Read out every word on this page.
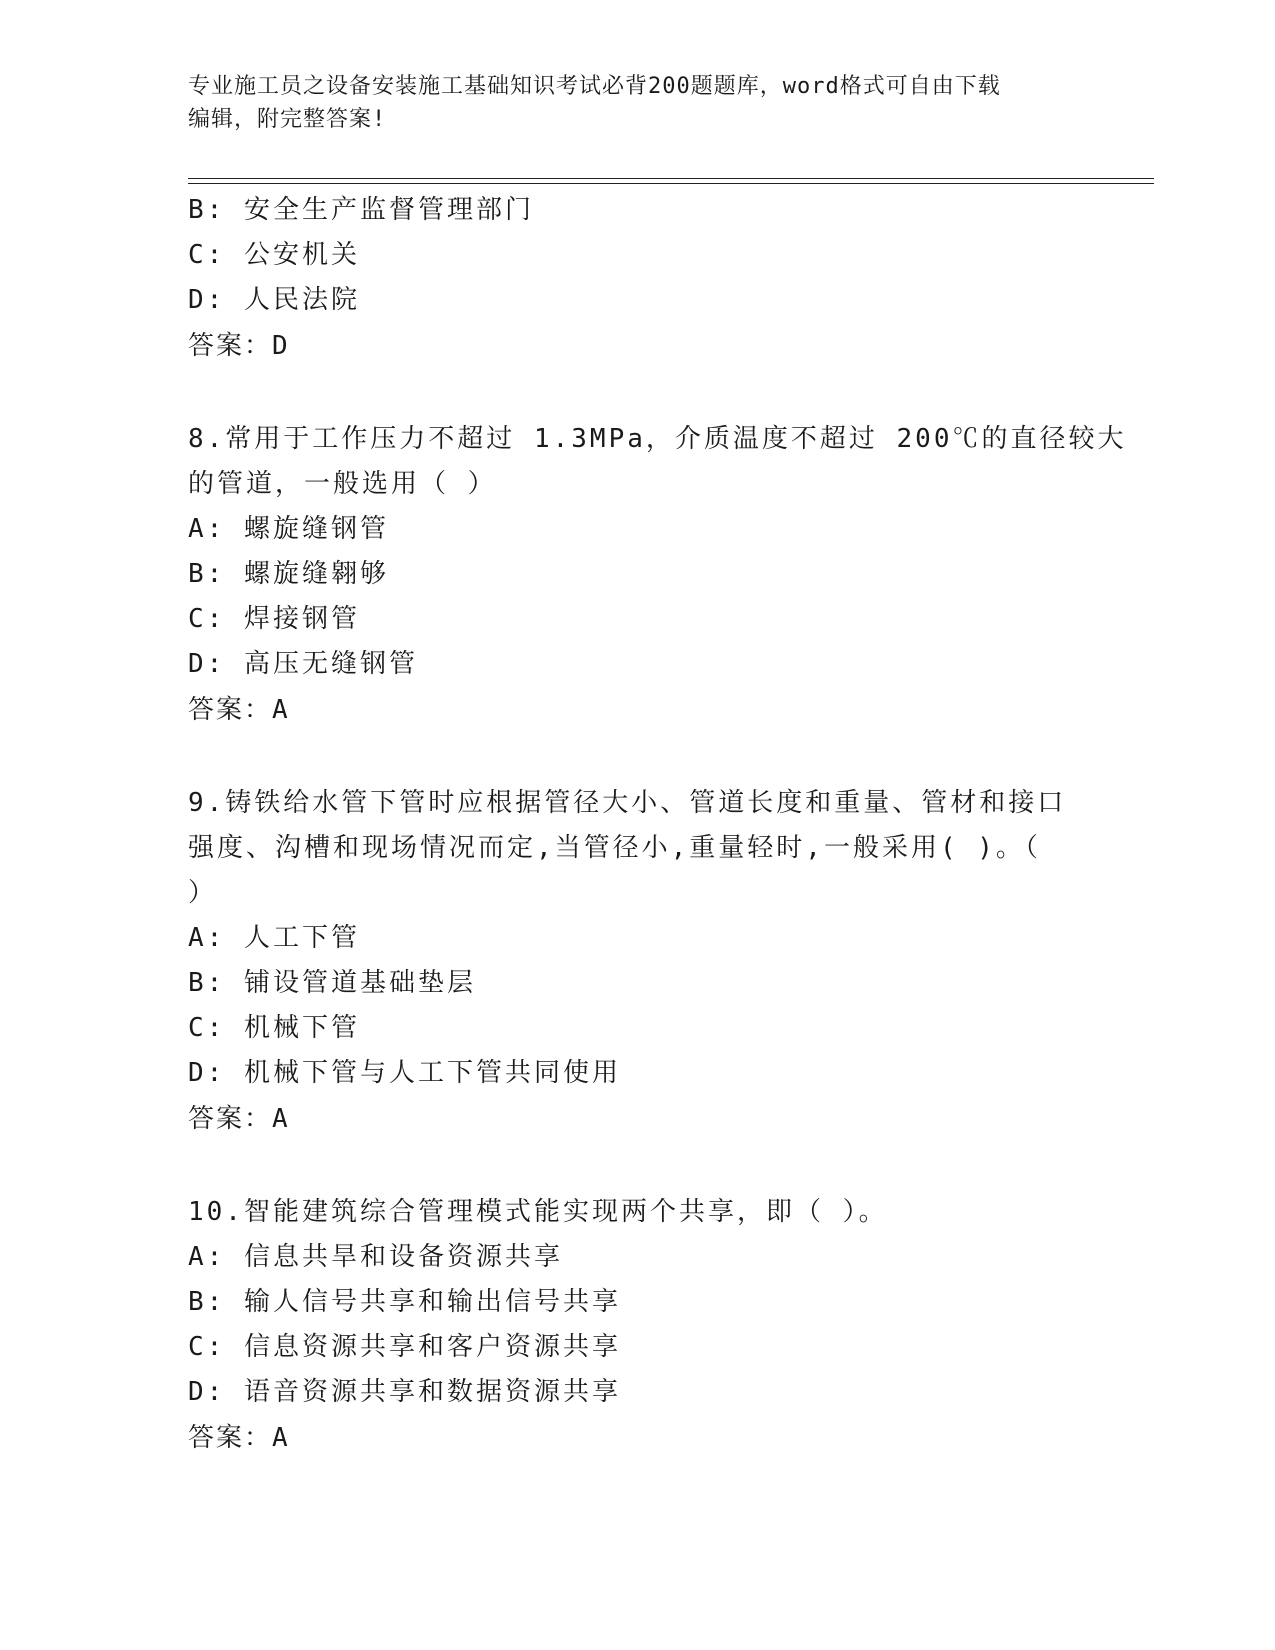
专业施工员之设备安装施工基础知识考试必背200题题库，word格式可自由下载
编辑，附完整答案!
B: 安全生产监督管理部门
C: 公安机关
D: 人民法院
答案：D
8.常用于工作压力不超过 1.3MPa，介质温度不超过 200℃的直径较大
的管道，一般选用（ ）
A: 螺旋缝钢管
B: 螺旋缝翱够
C: 焊接钢管
D: 高压无缝钢管
答案：A
9.铸铁给水管下管时应根据管径大小、管道长度和重量、管材和接口
强度、沟槽和现场情况而定,当管径小,重量轻时,一般采用( )。（
）
A: 人工下管
B: 铺设管道基础垫层
C: 机械下管
D: 机械下管与人工下管共同使用
答案：A
10.智能建筑综合管理模式能实现两个共享，即（ ）。
A: 信息共旱和设备资源共享
B: 输人信号共享和输出信号共享
C: 信息资源共享和客户资源共享
D: 语音资源共享和数据资源共享
答案：A
